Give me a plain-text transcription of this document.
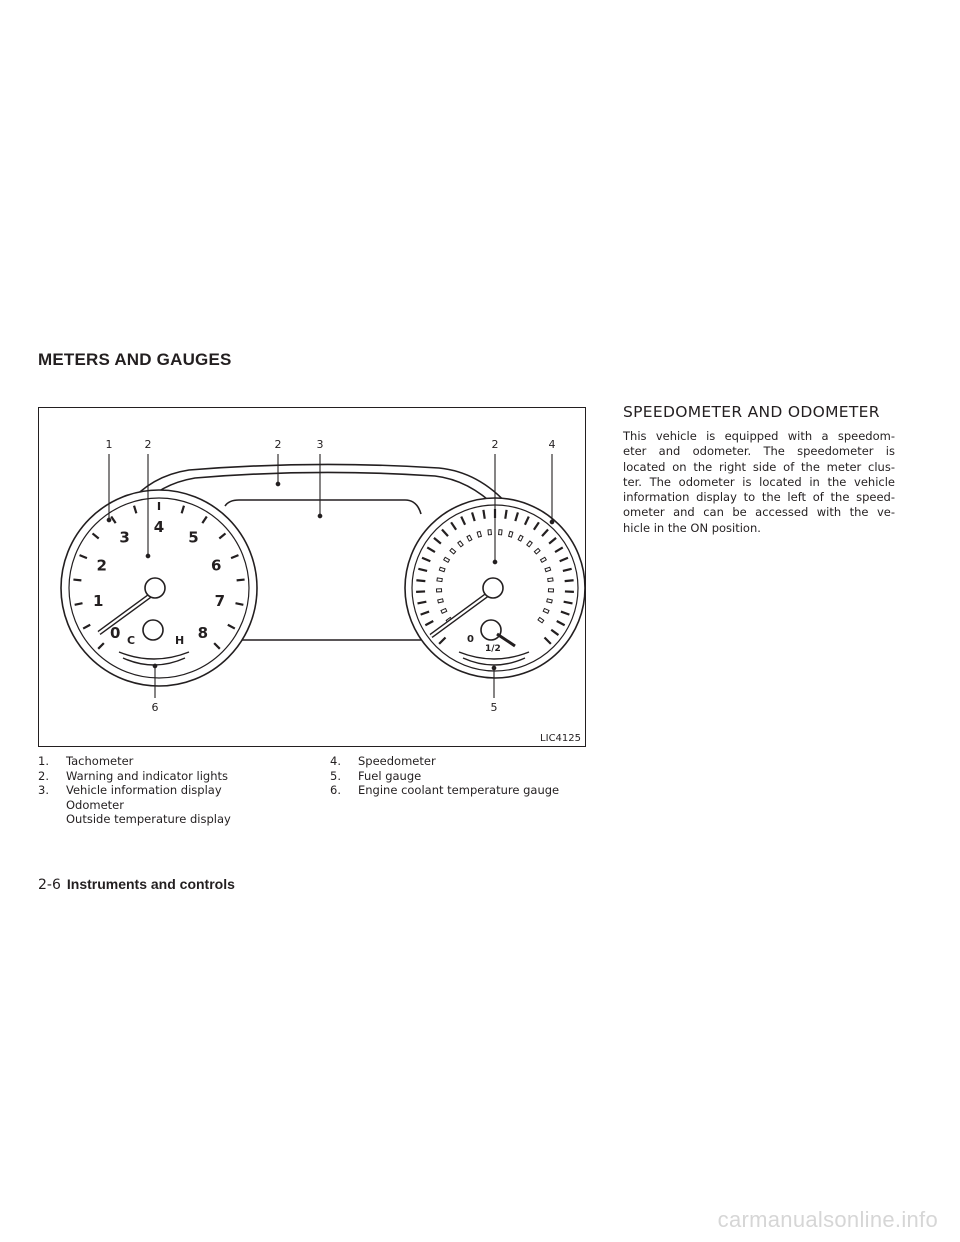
METERS AND GAUGES
0
1
2
3
4
5
6
7
8
C	H	0
1/2
1	2	2	3	2	4
6	5
LIC4125
1.	Tachometer
2.	Warning and indicator lights
3.	Vehicle information display
Odometer
Outside temperature display
4.	Speedometer
5.	Fuel gauge
6.	Engine coolant temperature gauge
SPEEDOMETER AND ODOMETER
This vehicle is equipped with a speedom-
eter and odometer. The speedometer is
located on the right side of the meter clus-
ter. The odometer is located in the vehicle
information display to the left of the speed-
ometer and can be accessed with the ve-
hicle in the ON position.
2-6 Instruments and controls
carmanualsonline.info
